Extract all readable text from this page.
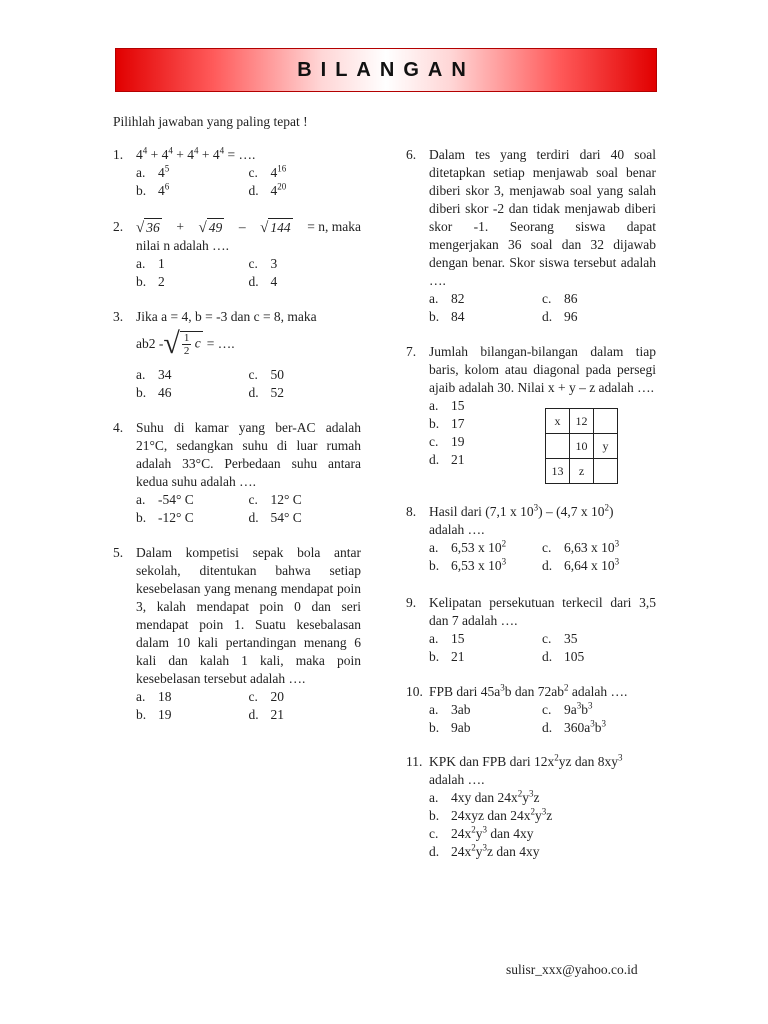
BILANGAN
Pilihlah jawaban yang paling tepat !
1. $4^4 + 4^4 + 4^4 + 4^4$ = ….
a. $4^5$	c. $4^{16}$
b. $4^6$	d. $4^{20}$
2. √ 36 + √ 49 – √ 144 = n, maka
nilai n adalah ….
a. 1	c. 3
b. 2	d. 4
3. Jika a = 4, b = -3 dan c = 8, maka
ab2 - √ $\frac{1}{2}$ c = ….
a. 34	c. 50
b. 46	d. 52
4. Suhu di kamar yang ber-AC adalah 21°C, sedangkan suhu di luar rumah adalah 33°C. Perbedaan suhu antara kedua suhu adalah ….
a. -54° C	c. 12° C
b. -12° C	d. 54° C
5. Dalam kompetisi sepak bola antar sekolah, ditentukan bahwa setiap kesebelasan yang menang mendapat poin 3, kalah mendapat poin 0 dan seri mendapat poin 1. Suatu kesebalasan dalam 10 kali pertandingan menang 6 kali dan kalah 1 kali, maka poin kesebelasan tersebut adalah ….
a. 18	c. 20
b. 19	d. 21
6. Dalam tes yang terdiri dari 40 soal ditetapkan setiap menjawab soal benar diberi skor 3, menjawab soal yang salah diberi skor -2 dan tidak menjawab diberi skor -1. Seorang siswa dapat mengerjakan 36 soal dan 32 dijawab dengan benar. Skor siswa tersebut adalah ….
a. 82	c. 86
b. 84	d. 96
7. Jumlah bilangan-bilangan dalam tiap baris, kolom atau diagonal pada persegi ajaib adalah 30. Nilai x + y – z adalah ….
a. 15
b. 17
c. 19
d. 21
x	12	
	10	y
13	z	
8. Hasil dari (7,1 x $10^3) - (4,7$ x $10^2$)
adalah ….
a. 6,53 x $10^2$	c. 6,63 x $10^3$
b. 6,53 x $10^3$	d. 6,64 x $10^3$
9. Kelipatan persekutuan terkecil dari 3,5 dan 7 adalah ….
a. 15	c. 35
b. 21	d. 105
10. FPB dari $45a^3b$ dan $72ab^2$ adalah ….
a. 3ab	c. $9a^3b^3$
b. 9ab	d. $360a^3b^3$
11. KPK dan FPB dari $12x^2yz$ dan $8xy^3$
adalah ….
a. 4xy dan $24x^2y^3z$
b. 24xyz dan $24x^2y^3z$
c. $24x^2y^3$ dan 4xy
d. $24x^2y^3z$ dan 4xy
sulisr_xxx@yahoo.co.id
